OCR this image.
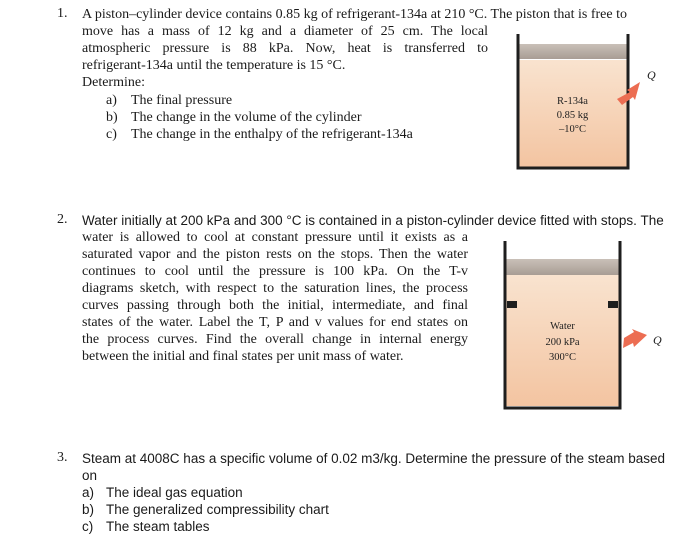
1. A piston–cylinder device contains 0.85 kg of refrigerant-134a at 210 °C. The piston that is free to
move has a mass of 12 kg and a diameter of 25 cm. The local
atmospheric pressure is 88 kPa. Now, heat is transferred to
refrigerant-134a until the temperature is 15 °C.
Determine:
a) The final pressure
b) The change in the volume of the cylinder
c) The change in the enthalpy of the refrigerant-134a
R-134a
0.85 kg
–10°C
Q
2. Water initially at 200 kPa and 300 °C is contained in a piston-cylinder device fitted with stops. The
water is allowed to cool at constant pressure until it exists as a
saturated vapor and the piston rests on the stops. Then the water
continues to cool until the pressure is 100 kPa. On the T-v
diagrams sketch, with respect to the saturation lines, the process
curves passing through both the initial, intermediate, and final
states of the water. Label the T, P and v values for end states on
the process curves. Find the overall change in internal energy
between the initial and final states per unit mass of water.
Water
200 kPa
300°C
Q
3. Steam at 4008C has a specific volume of 0.02 m3/kg. Determine the pressure of the steam based
on
a) The ideal gas equation
b) The generalized compressibility chart
c) The steam tables
